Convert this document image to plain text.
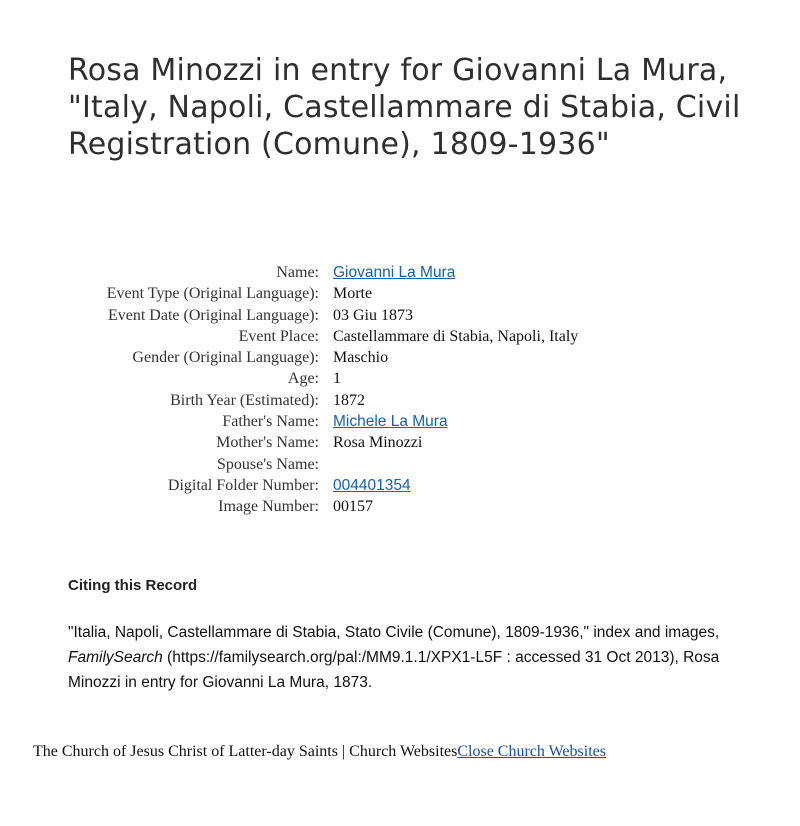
Rosa Minozzi in entry for Giovanni La Mura, "Italy, Napoli, Castellammare di Stabia, Civil Registration (Comune), 1809-1936"
Name:	Giovanni La Mura
Event Type (Original Language):	Morte
Event Date (Original Language):	03 Giu 1873
Event Place:	Castellammare di Stabia, Napoli, Italy
Gender (Original Language):	Maschio
Age:	1
Birth Year (Estimated):	1872
Father's Name:	Michele La Mura
Mother's Name:	Rosa Minozzi
Spouse's Name:	
Digital Folder Number:	004401354
Image Number:	00157
Citing this Record

"Italia, Napoli, Castellammare di Stabia, Stato Civile (Comune), 1809-1936," index and images, FamilySearch (https://familysearch.org/pal:/MM9.1.1/XPX1-L5F : accessed 31 Oct 2013), Rosa Minozzi in entry for Giovanni La Mura, 1873.

The Church of Jesus Christ of Latter-day Saints | Church WebsitesClose Church Websites
